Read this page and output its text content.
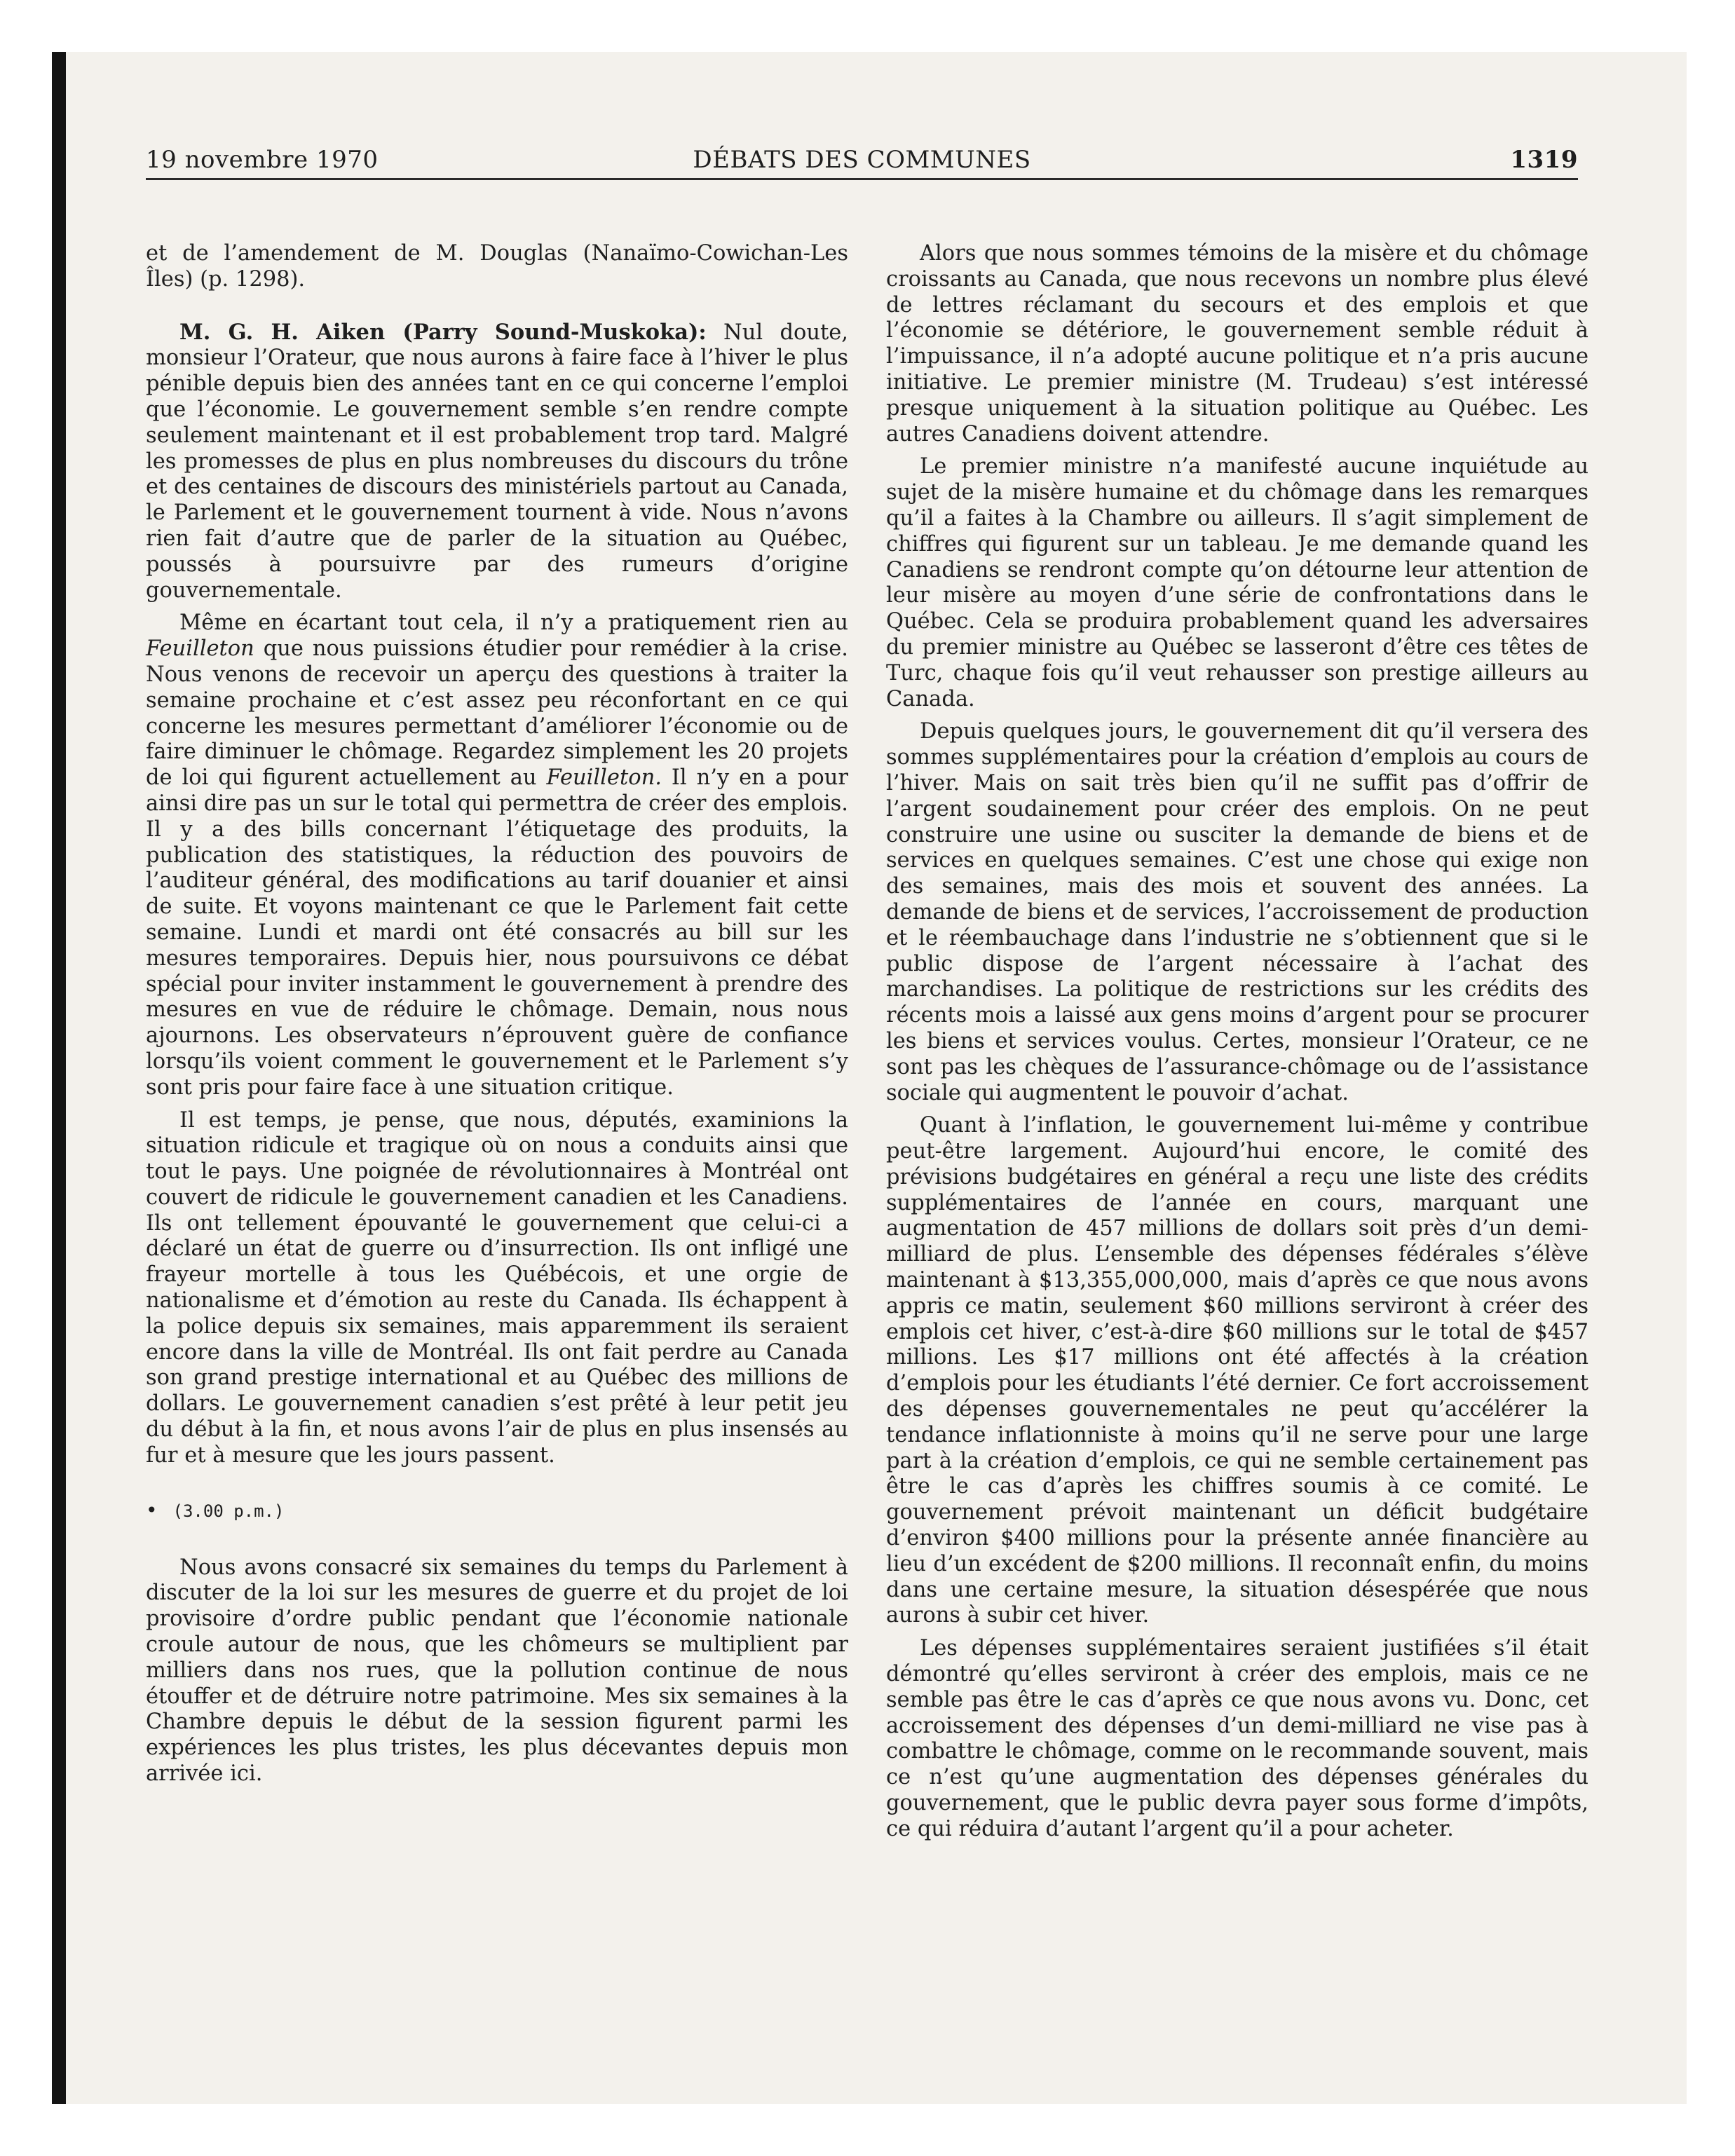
19 novembre 1970	DÉBATS DES COMMUNES	1319

et de l’amendement de M. Douglas (Nanaïmo-Cowichan-Les Îles) (p. 1298).

M. G. H. Aiken (Parry Sound-Muskoka): Nul doute, monsieur l’Orateur, que nous aurons à faire face à l’hiver le plus pénible depuis bien des années tant en ce qui concerne l’emploi que l’économie. Le gouvernement semble s’en rendre compte seulement maintenant et il est probablement trop tard. Malgré les promesses de plus en plus nombreuses du discours du trône et des centaines de discours des ministériels partout au Canada, le Parlement et le gouvernement tournent à vide. Nous n’avons rien fait d’autre que de parler de la situation au Québec, poussés à poursuivre par des rumeurs d’origine gouvernementale.

Même en écartant tout cela, il n’y a pratiquement rien au Feuilleton que nous puissions étudier pour remédier à la crise. Nous venons de recevoir un aperçu des questions à traiter la semaine prochaine et c’est assez peu réconfortant en ce qui concerne les mesures permettant d’améliorer l’économie ou de faire diminuer le chômage. Regardez simplement les 20 projets de loi qui figurent actuellement au Feuilleton. Il n’y en a pour ainsi dire pas un sur le total qui permettra de créer des emplois. Il y a des bills concernant l’étiquetage des produits, la publication des statistiques, la réduction des pouvoirs de l’auditeur général, des modifications au tarif douanier et ainsi de suite. Et voyons maintenant ce que le Parlement fait cette semaine. Lundi et mardi ont été consacrés au bill sur les mesures temporaires. Depuis hier, nous poursuivons ce débat spécial pour inviter instamment le gouvernement à prendre des mesures en vue de réduire le chômage. Demain, nous nous ajournons. Les observateurs n’éprouvent guère de confiance lorsqu’ils voient comment le gouvernement et le Parlement s’y sont pris pour faire face à une situation critique.

Il est temps, je pense, que nous, députés, examinions la situation ridicule et tragique où on nous a conduits ainsi que tout le pays. Une poignée de révolutionnaires à Montréal ont couvert de ridicule le gouvernement canadien et les Canadiens. Ils ont tellement épouvanté le gouvernement que celui-ci a déclaré un état de guerre ou d’insurrection. Ils ont infligé une frayeur mortelle à tous les Québécois, et une orgie de nationalisme et d’émotion au reste du Canada. Ils échappent à la police depuis six semaines, mais apparemment ils seraient encore dans la ville de Montréal. Ils ont fait perdre au Canada son grand prestige international et au Québec des millions de dollars. Le gouvernement canadien s’est prêté à leur petit jeu du début à la fin, et nous avons l’air de plus en plus insensés au fur et à mesure que les jours passent.

• (3.00 p.m.)

Nous avons consacré six semaines du temps du Parlement à discuter de la loi sur les mesures de guerre et du projet de loi provisoire d’ordre public pendant que l’économie nationale croule autour de nous, que les chômeurs se multiplient par milliers dans nos rues, que la pollution continue de nous étouffer et de détruire notre patrimoine. Mes six semaines à la Chambre depuis le début de la session figurent parmi les expériences les plus tristes, les plus décevantes depuis mon arrivée ici.

Alors que nous sommes témoins de la misère et du chômage croissants au Canada, que nous recevons un nombre plus élevé de lettres réclamant du secours et des emplois et que l’économie se détériore, le gouvernement semble réduit à l’impuissance, il n’a adopté aucune politique et n’a pris aucune initiative. Le premier ministre (M. Trudeau) s’est intéressé presque uniquement à la situation politique au Québec. Les autres Canadiens doivent attendre.

Le premier ministre n’a manifesté aucune inquiétude au sujet de la misère humaine et du chômage dans les remarques qu’il a faites à la Chambre ou ailleurs. Il s’agit simplement de chiffres qui figurent sur un tableau. Je me demande quand les Canadiens se rendront compte qu’on détourne leur attention de leur misère au moyen d’une série de confrontations dans le Québec. Cela se produira probablement quand les adversaires du premier ministre au Québec se lasseront d’être ces têtes de Turc, chaque fois qu’il veut rehausser son prestige ailleurs au Canada.

Depuis quelques jours, le gouvernement dit qu’il versera des sommes supplémentaires pour la création d’emplois au cours de l’hiver. Mais on sait très bien qu’il ne suffit pas d’offrir de l’argent soudainement pour créer des emplois. On ne peut construire une usine ou susciter la demande de biens et de services en quelques semaines. C’est une chose qui exige non des semaines, mais des mois et souvent des années. La demande de biens et de services, l’accroissement de production et le réembauchage dans l’industrie ne s’obtiennent que si le public dispose de l’argent nécessaire à l’achat des marchandises. La politique de restrictions sur les crédits des récents mois a laissé aux gens moins d’argent pour se procurer les biens et services voulus. Certes, monsieur l’Orateur, ce ne sont pas les chèques de l’assurance-chômage ou de l’assistance sociale qui augmentent le pouvoir d’achat.

Quant à l’inflation, le gouvernement lui-même y contribue peut-être largement. Aujourd’hui encore, le comité des prévisions budgétaires en général a reçu une liste des crédits supplémentaires de l’année en cours, marquant une augmentation de 457 millions de dollars soit près d’un demi-milliard de plus. L’ensemble des dépenses fédérales s’élève maintenant à $13,355,000,000, mais d’après ce que nous avons appris ce matin, seulement $60 millions serviront à créer des emplois cet hiver, c’est-à-dire $60 millions sur le total de $457 millions. Les $17 millions ont été affectés à la création d’emplois pour les étudiants l’été dernier. Ce fort accroissement des dépenses gouvernementales ne peut qu’accélérer la tendance inflationniste à moins qu’il ne serve pour une large part à la création d’emplois, ce qui ne semble certainement pas être le cas d’après les chiffres soumis à ce comité. Le gouvernement prévoit maintenant un déficit budgétaire d’environ $400 millions pour la présente année financière au lieu d’un excédent de $200 millions. Il reconnaît enfin, du moins dans une certaine mesure, la situation désespérée que nous aurons à subir cet hiver.

Les dépenses supplémentaires seraient justifiées s’il était démontré qu’elles serviront à créer des emplois, mais ce ne semble pas être le cas d’après ce que nous avons vu. Donc, cet accroissement des dépenses d’un demi-milliard ne vise pas à combattre le chômage, comme on le recommande souvent, mais ce n’est qu’une augmentation des dépenses générales du gouvernement, que le public devra payer sous forme d’impôts, ce qui réduira d’autant l’argent qu’il a pour acheter.
